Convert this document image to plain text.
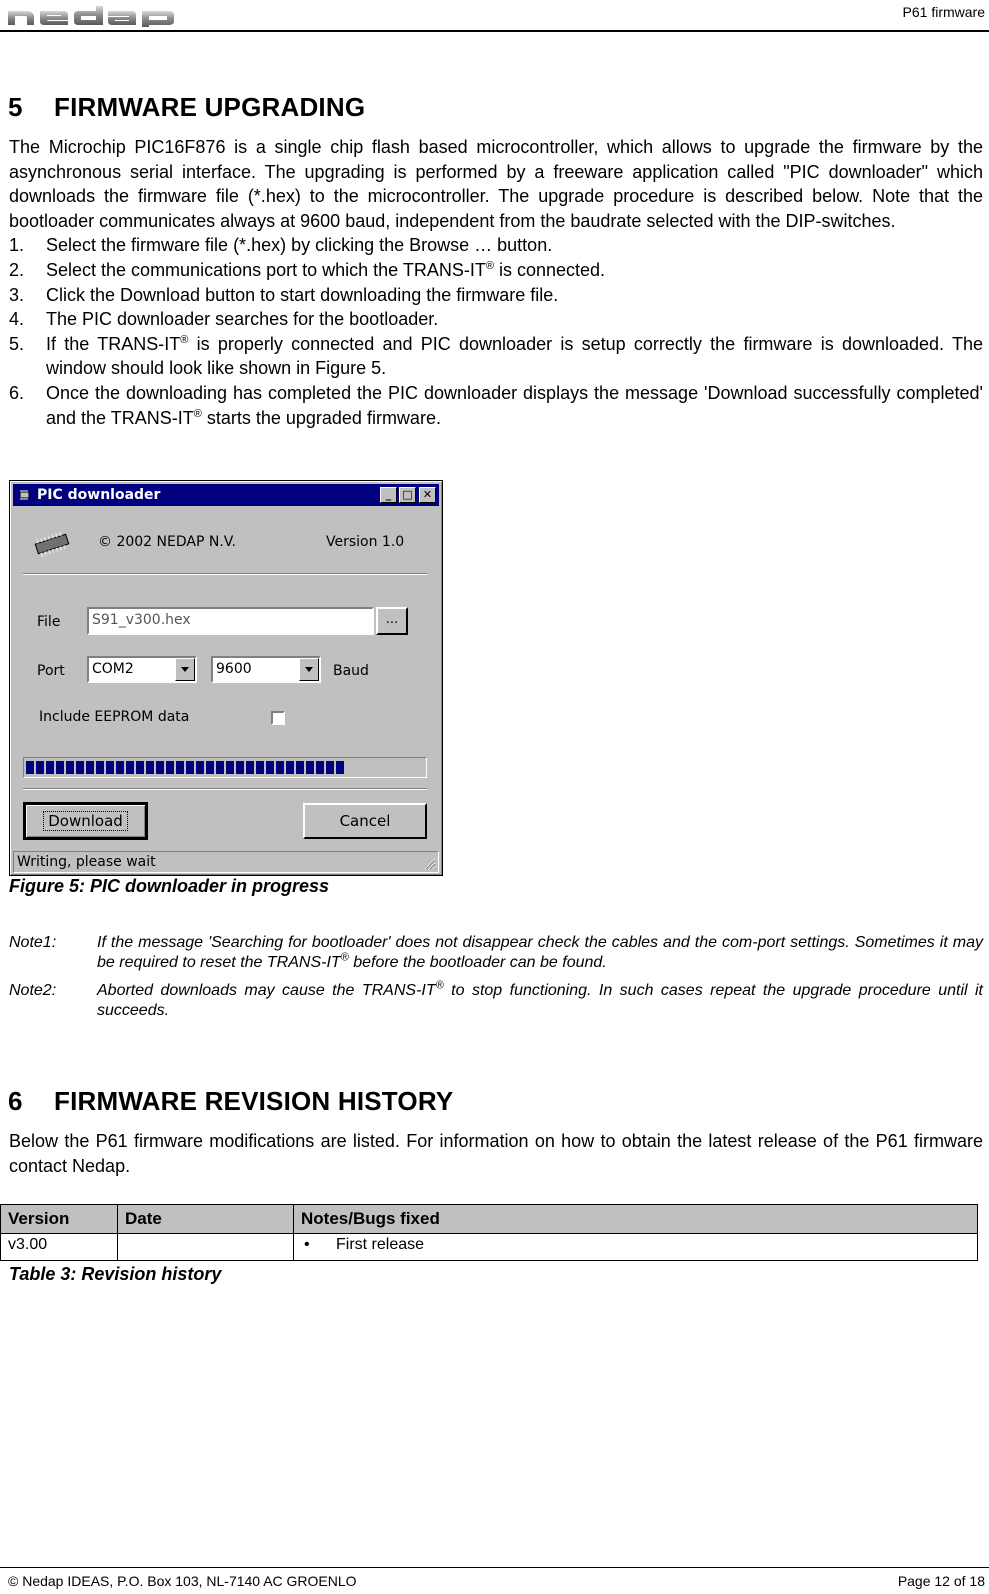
P61 firmware
5 FIRMWARE UPGRADING

The Microchip PIC16F876 is a single chip flash based microcontroller, which allows to upgrade the firmware by the asynchronous serial interface. The upgrading is performed by a freeware application called "PIC downloader" which downloads the firmware file (*.hex) to the microcontroller. The upgrade procedure is described below. Note that the bootloader communicates always at 9600 baud, independent from the baudrate selected with the DIP-switches.

1. Select the firmware file (*.hex) by clicking the Browse … button.
2. Select the communications port to which the TRANS-IT® is connected.
3. Click the Download button to start downloading the firmware file.
4. The PIC downloader searches for the bootloader.
5. If the TRANS-IT® is properly connected and PIC downloader is setup correctly the firmware is downloaded. The window should look like shown in Figure 5.
6. Once the downloading has completed the PIC downloader displays the message 'Download successfully completed' and the TRANS-IT® starts the upgraded firmware.
PIC downloader	_	□ ✕
© 2002 NEDAP N.V.	Version 1.0
File	S91_v300.hex	...
Port	COM2	9600	Baud
Include EEPROM data
Download	Cancel
Writing, please wait
Figure 5: PIC downloader in progress
Note1:	If the message 'Searching for bootloader' does not disappear check the cables and the com-port settings. Sometimes it may be required to reset the TRANS-IT® before the bootloader can be found.
Note2:	Aborted downloads may cause the TRANS-IT® to stop functioning. In such cases repeat the upgrade procedure until it succeeds.
6 FIRMWARE REVISION HISTORY
Below the P61 firmware modifications are listed. For information on how to obtain the latest release of the P61 firmware contact Nedap.
Version	Date	Notes/Bugs fixed
v3.00		• First release
Table 3: Revision history
© Nedap IDEAS, P.O. Box 103, NL-7140 AC GROENLO	Page 12 of 18
